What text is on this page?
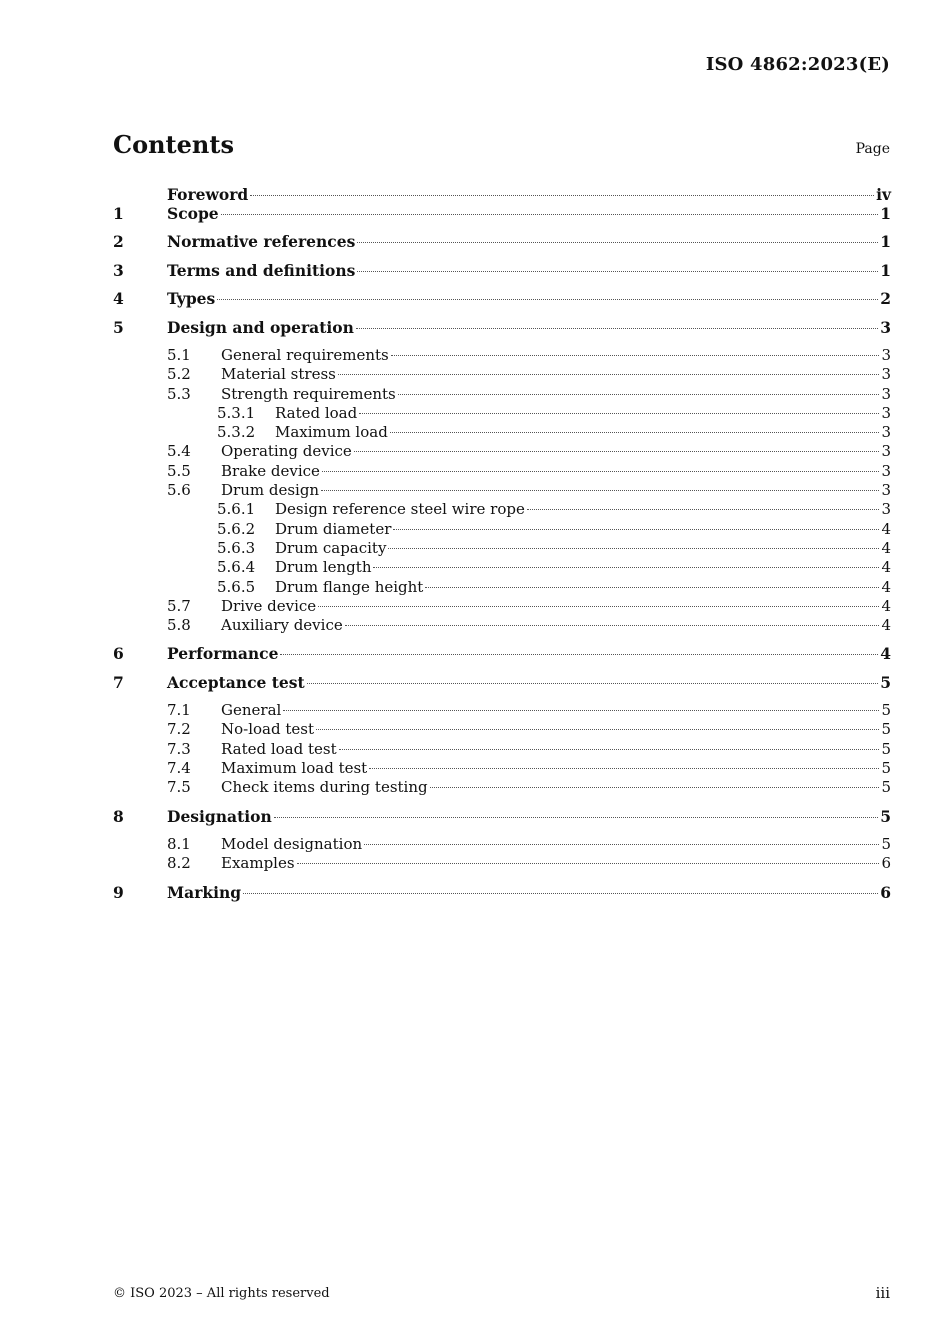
ISO 4862:2023(E)
Contents	Page
Foreword	iv
1	Scope	1
2	Normative references	1
3	Terms and definitions	1
4	Types	2
5	Design and operation	3
5.1	General requirements	3
5.2	Material stress	3
5.3	Strength requirements	3
5.3.1	Rated load	3
5.3.2	Maximum load	3
5.4	Operating device	3
5.5	Brake device	3
5.6	Drum design	3
5.6.1	Design reference steel wire rope	3
5.6.2	Drum diameter	4
5.6.3	Drum capacity	4
5.6.4	Drum length	4
5.6.5	Drum flange height	4
5.7	Drive device	4
5.8	Auxiliary device	4
6	Performance	4
7	Acceptance test	5
7.1	General	5
7.2	No-load test	5
7.3	Rated load test	5
7.4	Maximum load test	5
7.5	Check items during testing	5
8	Designation	5
8.1	Model designation	5
8.2	Examples	6
9	Marking	6
© ISO 2023 – All rights reserved	iii
